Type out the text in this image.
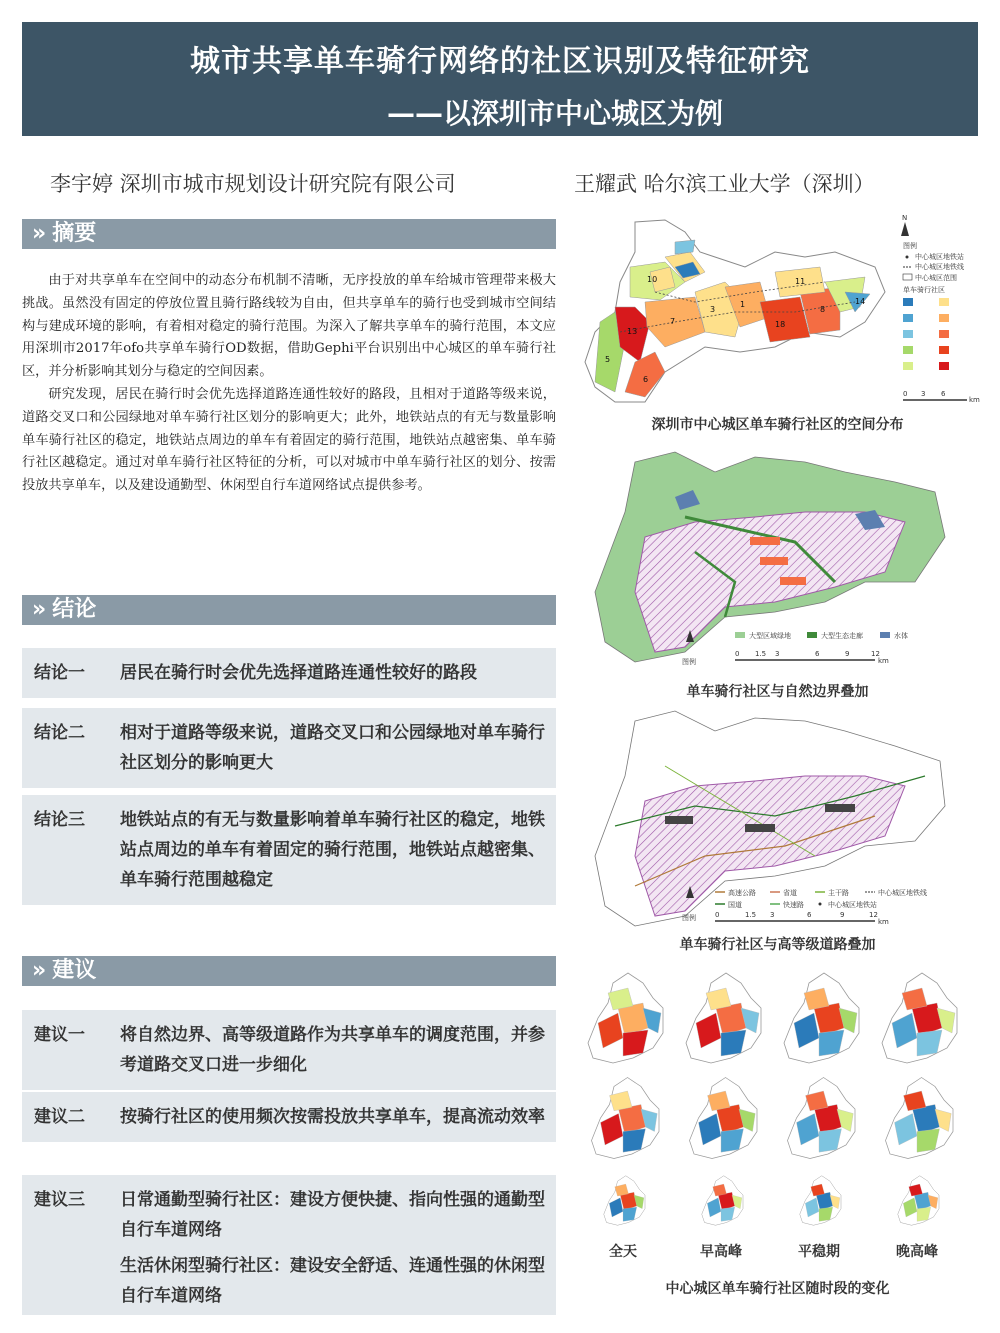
城市共享单车骑行网络的社区识别及特征研究
——以深圳市中心城区为例
李宇婷 深圳市城市规划设计研究院有限公司	王耀武 哈尔滨工业大学（深圳）
» 摘要

由于对共享单车在空间中的动态分布机制不清晰，无序投放的单车给城市管理带来极大挑战。虽然没有固定的停放位置且骑行路线较为自由，但共享单车的骑行也受到城市空间结构与建成环境的影响，有着相对稳定的骑行范围。为深入了解共享单车的骑行范围，本文应用深圳市2017年ofo共享单车骑行OD数据，借助Gephi平台识别出中心城区的单车骑行社区，并分析影响其划分与稳定的空间因素。

研究发现，居民在骑行时会优先选择道路连通性较好的路段，且相对于道路等级来说，道路交叉口和公园绿地对单车骑行社区划分的影响更大；此外，地铁站点的有无与数量影响单车骑行社区的稳定，地铁站点周边的单车有着固定的骑行范围，地铁站点越密集、单车骑行社区越稳定。通过对单车骑行社区特征的分析，可以对城市中单车骑行社区的划分、按需投放共享单车，以及建设通勤型、休闲型自行车道网络试点提供参考。

» 结论
结论一	居民在骑行时会优先选择道路连通性较好的路段
结论二	相对于道路等级来说，道路交叉口和公园绿地对单车骑行社区划分的影响更大
结论三	地铁站点的有无与数量影响着单车骑行社区的稳定，地铁站点周边的单车有着固定的骑行范围，地铁站点越密集、单车骑行范围越稳定
» 建议
建议一	将自然边界、高等级道路作为共享单车的调度范围，并参考道路交叉口进一步细化
建议二	按骑行社区的使用频次按需投放共享单车，提高流动效率
建议三	日常通勤型骑行社区：建设方便快捷、指向性强的通勤型自行车道网络
生活休闲型骑行社区：建设安全舒适、连通性强的休闲型自行车道网络
5
13
6
7
10
3
1
18
8
11
14
N
图例
中心城区地铁站
中心城区地铁线
中心城区范围
单车骑行社区
0 3 6
km
深圳市中心城区单车骑行社区的空间分布
图例
大型区域绿地	大型生态走廊	水体
0 1.5 3	6	9	12
km
单车骑行社区与自然边界叠加
图例
高速公路	省道	主干路	中心城区地铁线
国道	快速路	中心城区地铁站
0	1.5 3	6	9	12
km
单车骑行社区与高等级道路叠加
全天	早高峰	平稳期	晚高峰
中心城区单车骑行社区随时段的变化
